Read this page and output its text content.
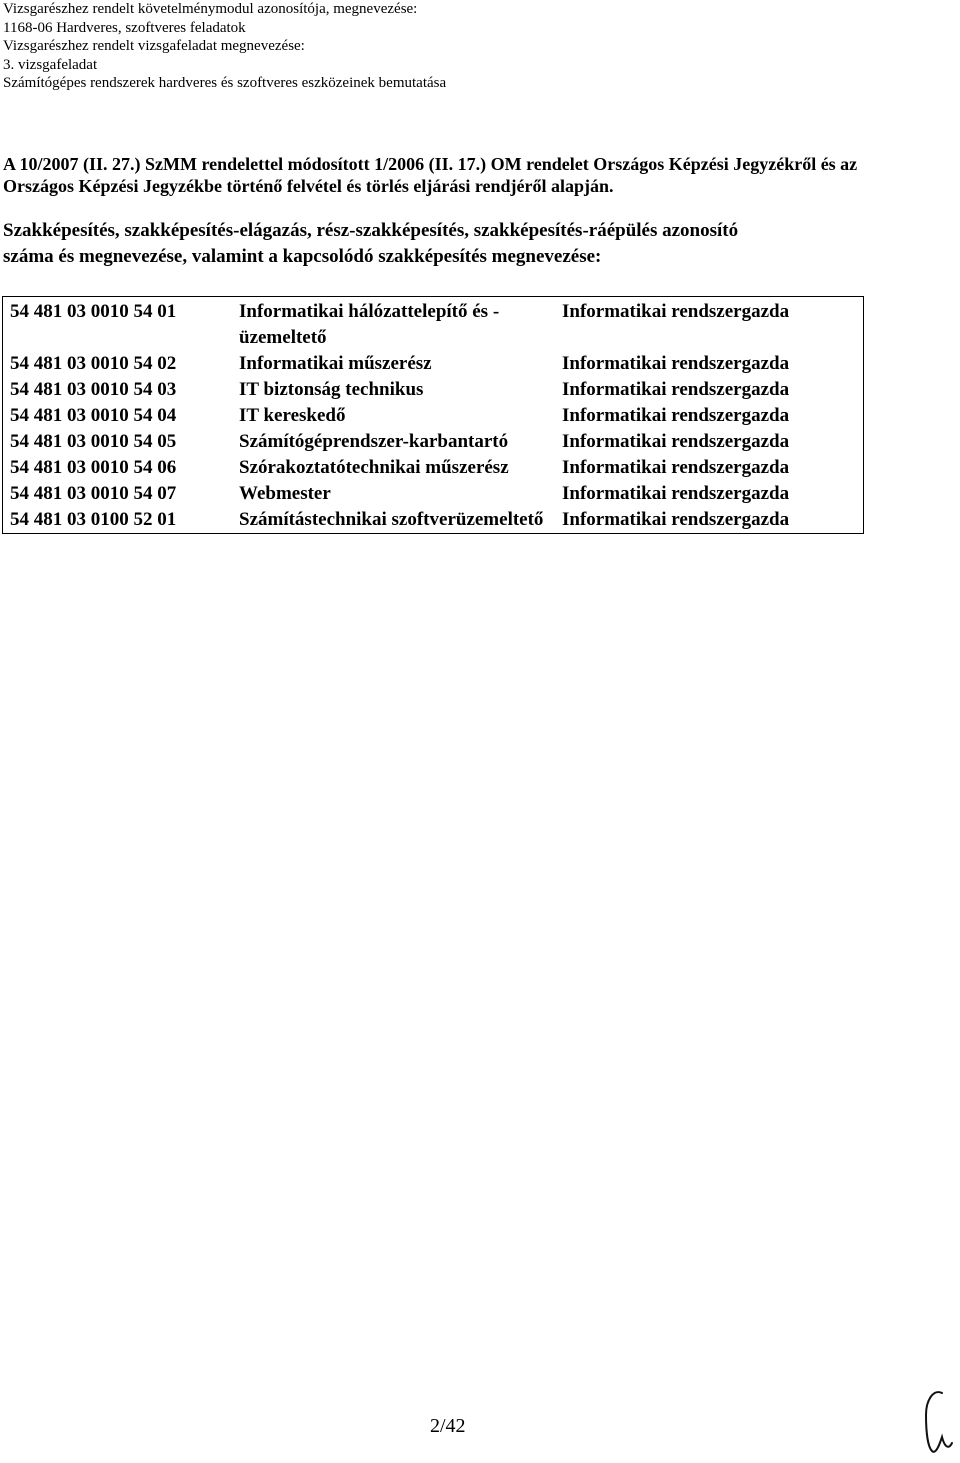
Vizsgarészhez rendelt követelménymodul azonosítója, megnevezése:
1168-06 Hardveres, szoftveres feladatok
Vizsgarészhez rendelt vizsgafeladat megnevezése:
3. vizsgafeladat
Számítógépes rendszerek hardveres és szoftveres eszközeinek bemutatása
A 10/2007 (II. 27.) SzMM rendelettel módosított 1/2006 (II. 17.) OM rendelet Országos Képzési Jegyzékről és az
Országos Képzési Jegyzékbe történő felvétel és törlés eljárási rendjéről alapján.
Szakképesítés, szakképesítés-elágazás, rész-szakképesítés, szakképesítés-ráépülés azonosító
száma és megnevezése, valamint a kapcsolódó szakképesítés megnevezése:
54 481 03 0010 54 01	Informatikai hálózattelepítő és - üzemeltető	Informatikai rendszergazda
54 481 03 0010 54 02	Informatikai műszerész	Informatikai rendszergazda
54 481 03 0010 54 03	IT biztonság technikus	Informatikai rendszergazda
54 481 03 0010 54 04	IT kereskedő	Informatikai rendszergazda
54 481 03 0010 54 05	Számítógéprendszer-karbantartó	Informatikai rendszergazda
54 481 03 0010 54 06	Szórakoztatótechnikai műszerész	Informatikai rendszergazda
54 481 03 0010 54 07	Webmester	Informatikai rendszergazda
54 481 03 0100 52 01	Számítástechnikai szoftverüzemeltető	Informatikai rendszergazda
2/42
